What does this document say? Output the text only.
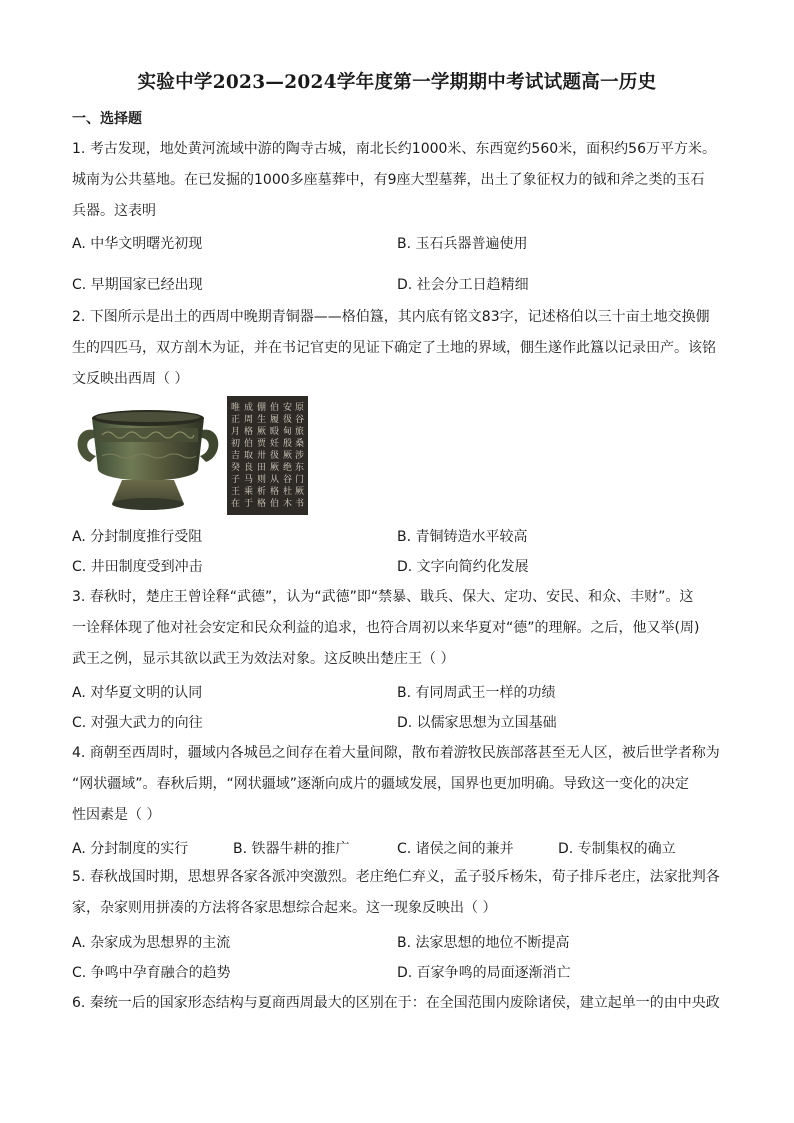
实验中学2023—2024学年度第一学期期中考试试题高一历史
一、选择题
1. 考古发现，地处黄河流域中游的陶寺古城，南北长约1000米、东西宽约560米，面积约56万平方米。
城南为公共墓地。在已发掘的1000多座墓葬中，有9座大型墓葬，出土了象征权力的钺和斧之类的玉石
兵器。这表明
A. 中华文明曙光初现	B. 玉石兵器普遍使用
C. 早期国家已经出现	D. 社会分工日趋精细
2. 下图所示是出土的西周中晚期青铜器——格伯簋，其内底有铭文83字，记述格伯以三十亩土地交换倗
生的四匹马，双方剖木为证，并在书记官吏的见证下确定了土地的界域，倗生遂作此簋以记录田产。该铭
文反映出西周（ ）
唯正月初吉癸子王在
成周格伯取良马乘于
倗生厥贾卅田则析格
伯履殹妊彶厥从格伯
安彶甸殷厥绝谷杜木
原谷旅桑涉东门厥书
A. 分封制度推行受阻	B. 青铜铸造水平较高
C. 井田制度受到冲击	D. 文字向简约化发展
3. 春秋时，楚庄王曾诠释“武德”，认为“武德”即“禁暴、戢兵、保大、定功、安民、和众、丰财”。这
一诠释体现了他对社会安定和民众利益的追求，也符合周初以来华夏对“德”的理解。之后，他又举(周)
武王之例，显示其欲以武王为效法对象。这反映出楚庄王（ ）
A. 对华夏文明的认同	B. 有同周武王一样的功绩
C. 对强大武力的向往	D. 以儒家思想为立国基础
4. 商朝至西周时，疆域内各城邑之间存在着大量间隙，散布着游牧民族部落甚至无人区，被后世学者称为
“网状疆域”。春秋后期，“网状疆域”逐渐向成片的疆域发展，国界也更加明确。导致这一变化的决定
性因素是（ ）
A. 分封制度的实行	B. 铁器牛耕的推广	C. 诸侯之间的兼并	D. 专制集权的确立
5. 春秋战国时期，思想界各家各派冲突激烈。老庄绝仁弃义，孟子驳斥杨朱，荀子排斥老庄，法家批判各
家，杂家则用拼凑的方法将各家思想综合起来。这一现象反映出（ ）
A. 杂家成为思想界的主流	B. 法家思想的地位不断提高
C. 争鸣中孕育融合的趋势	D. 百家争鸣的局面逐渐消亡
6. 秦统一后的国家形态结构与夏商西周最大的区别在于：在全国范围内废除诸侯，建立起单一的由中央政
